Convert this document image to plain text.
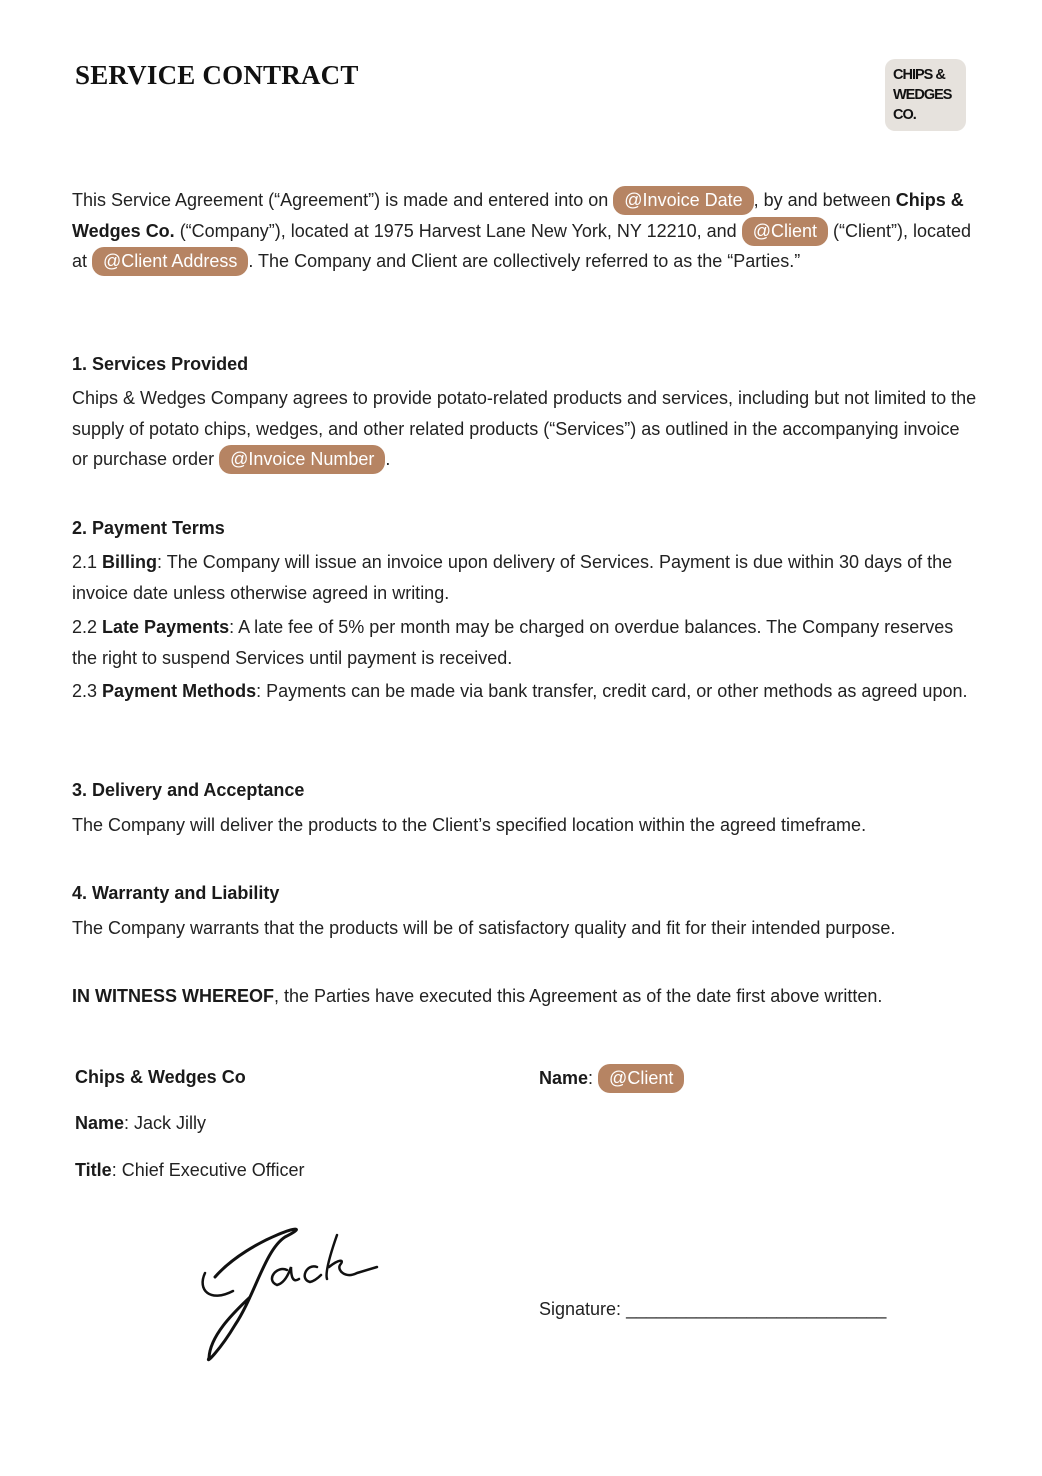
SERVICE CONTRACT	CHIPS &
WEDGES
CO.

This Service Agreement (“Agreement”) is made and entered into on @Invoice Date , by and between Chips & Wedges Co. (“Company”), located at 1975 Harvest Lane New York, NY 12210, and @Client (“Client”), located at @Client Address . The Company and Client are collectively referred to as the “Parties.”

1. Services Provided

Chips & Wedges Company agrees to provide potato-related products and services, including but not limited to the supply of potato chips, wedges, and other related products (“Services”) as outlined in the accompanying invoice or purchase order @Invoice Number .

2. Payment Terms

2.1 Billing: The Company will issue an invoice upon delivery of Services. Payment is due within 30 days of the invoice date unless otherwise agreed in writing.

2.2 Late Payments: A late fee of 5% per month may be charged on overdue balances. The Company reserves the right to suspend Services until payment is received.

2.3 Payment Methods: Payments can be made via bank transfer, credit card, or other methods as agreed upon.

3. Delivery and Acceptance

The Company will deliver the products to the Client’s specified location within the agreed timeframe.

4. Warranty and Liability

The Company warrants that the products will be of satisfactory quality and fit for their intended purpose.

IN WITNESS WHEREOF, the Parties have executed this Agreement as of the date first above written.

Chips & Wedges Co

Name: Jack Jilly

Title: Chief Executive Officer

Name: @Client

Signature: __________________________
